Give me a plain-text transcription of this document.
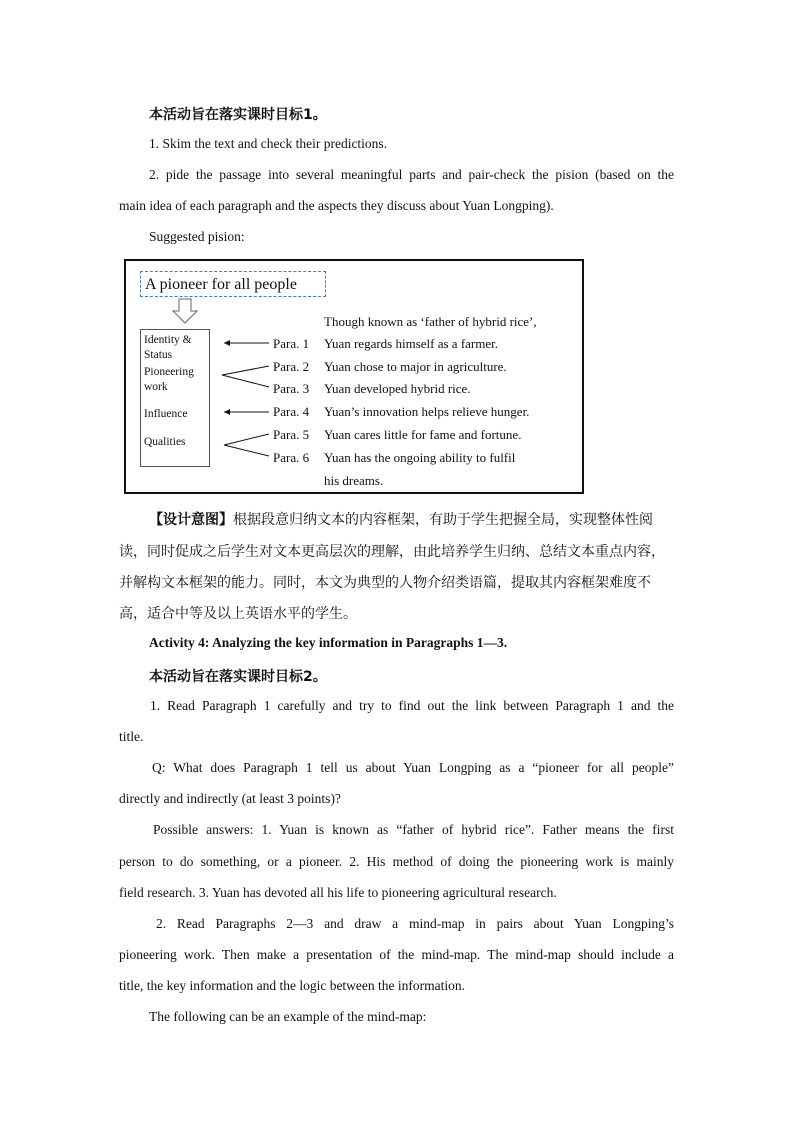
本活动旨在落实课时目标1。
1. Skim the text and check their predictions.
2. pide the passage into several meaningful parts and pair-check the pision (based on the
main idea of each paragraph and the aspects they discuss about Yuan Longping).
Suggested pision:
A pioneer for all people
Identity &
Status
Pioneering
work
Influence
Qualities
Para. 1
Para. 2
Para. 3
Para. 4
Para. 5
Para. 6
Though known as ‘father of hybrid rice’,
Yuan regards himself as a farmer.
Yuan chose to major in agriculture.
Yuan developed hybrid rice.
Yuan’s innovation helps relieve hunger.
Yuan cares little for fame and fortune.
Yuan has the ongoing ability to fulfil
his dreams.
【设计意图】根据段意归纳文本的内容框架，有助于学生把握全局，实现整体性阅
读，同时促成之后学生对文本更高层次的理解，由此培养学生归纳、总结文本重点内容，
并解构文本框架的能力。同时，本文为典型的人物介绍类语篇，提取其内容框架难度不
高，适合中等及以上英语水平的学生。
Activity 4: Analyzing the key information in Paragraphs 1—3.
本活动旨在落实课时目标2。
1. Read Paragraph 1 carefully and try to find out the link between Paragraph 1 and the
title.
Q: What does Paragraph 1 tell us about Yuan Longping as a “pioneer for all people”
directly and indirectly (at least 3 points)?
Possible answers: 1. Yuan is known as “father of hybrid rice”. Father means the first
person to do something, or a pioneer. 2. His method of doing the pioneering work is mainly
field research. 3. Yuan has devoted all his life to pioneering agricultural research.
2. Read Paragraphs 2—3 and draw a mind-map in pairs about Yuan Longping’s
pioneering work. Then make a presentation of the mind-map. The mind-map should include a
title, the key information and the logic between the information.
The following can be an example of the mind-map:
